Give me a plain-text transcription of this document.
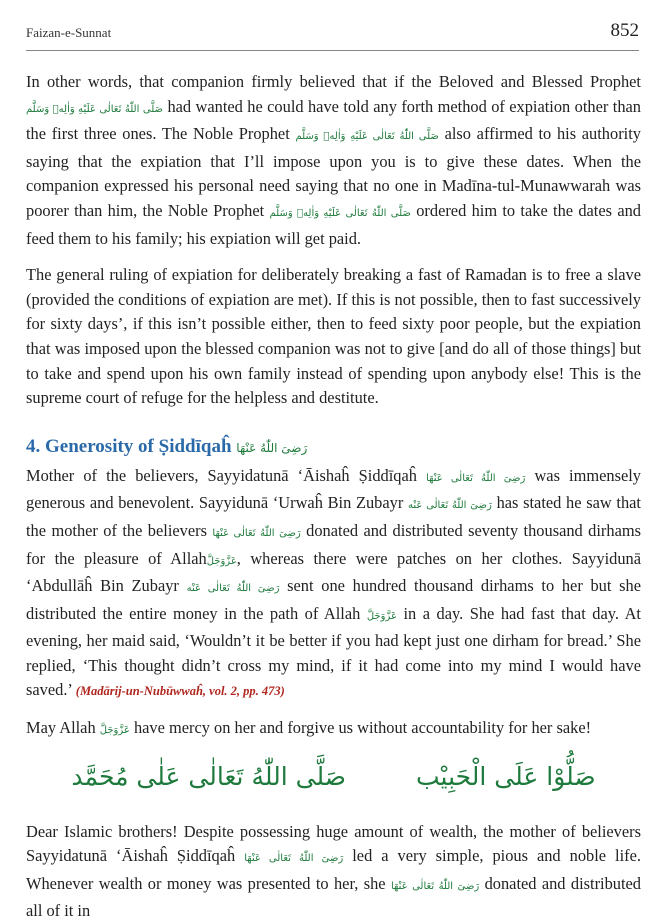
Faizan-e-Sunnat	852

In other words, that companion firmly believed that if the Beloved and Blessed Prophet صَلَّى اللّٰهُ تَعَالٰى عَلَيْهِ وَاٰلِهٖ وَسَلَّم had wanted he could have told any forth method of expiation other than the first three ones. The Noble Prophet صَلَّى اللّٰهُ تَعَالٰى عَلَيْهِ وَاٰلِهٖ وَسَلَّم also affirmed to his authority saying that the expiation that I’ll impose upon you is to give these dates. When the companion expressed his personal need saying that no one in Madīna-tul-Munawwarah was poorer than him, the Noble Prophet صَلَّى اللّٰهُ تَعَالٰى عَلَيْهِ وَاٰلِهٖ وَسَلَّم ordered him to take the dates and feed them to his family; his expiation will get paid.

The general ruling of expiation for deliberately breaking a fast of Ramadan is to free a slave (provided the conditions of expiation are met). If this is not possible, then to fast successively for sixty days’, if this isn’t possible either, then to feed sixty poor people, but the expiation that was imposed upon the blessed companion was not to give [and do all of those things] but to take and spend upon his own family instead of spending upon anybody else! This is the supreme court of refuge for the helpless and destitute.

4. Generosity of Ṣiddīqaĥ رَضِىَ اللّٰهُ عَنْهَا

Mother of the believers, Sayyidatunā ‘Āishaĥ Ṣiddīqaĥ رَضِىَ اللّٰهُ تَعَالٰى عَنْهَا was immensely generous and benevolent. Sayyidunā ‘Urwaĥ Bin Zubayr رَضِىَ اللّٰهُ تَعَالٰى عَنْه has stated he saw that the mother of the believers رَضِىَ اللّٰهُ تَعَالٰى عَنْهَا donated and distributed seventy thousand dirhams for the pleasure of Allahعَزَّوَجَلَّ, whereas there were patches on her clothes. Sayyidunā ‘Abdullāĥ Bin Zubayr رَضِىَ اللّٰهُ تَعَالٰى عَنْه sent one hundred thousand dirhams to her but she distributed the entire money in the path of Allah عَزَّوَجَلَّ in a day. She had fast that day. At evening, her maid said, ‘Wouldn’t it be better if you had kept just one dirham for bread.’ She replied, ‘This thought didn’t cross my mind, if it had come into my mind I would have saved.’ (Madārij-un-Nubūwwaĥ, vol. 2, pp. 473)

May Allah عَزَّوَجَلَّ have mercy on her and forgive us without accountability for her sake!

صَلُّوْا عَلَى الْحَبِيْب
صَلَّى اللّٰهُ تَعَالٰى عَلٰى مُحَمَّد

Dear Islamic brothers! Despite possessing huge amount of wealth, the mother of believers Sayyidatunā ‘Āishaĥ Ṣiddīqaĥ رَضِىَ اللّٰهُ تَعَالٰى عَنْهَا led a very simple, pious and noble life. Whenever wealth or money was presented to her, she رَضِىَ اللّٰهُ تَعَالٰى عَنْهَا donated and distributed all of it in
